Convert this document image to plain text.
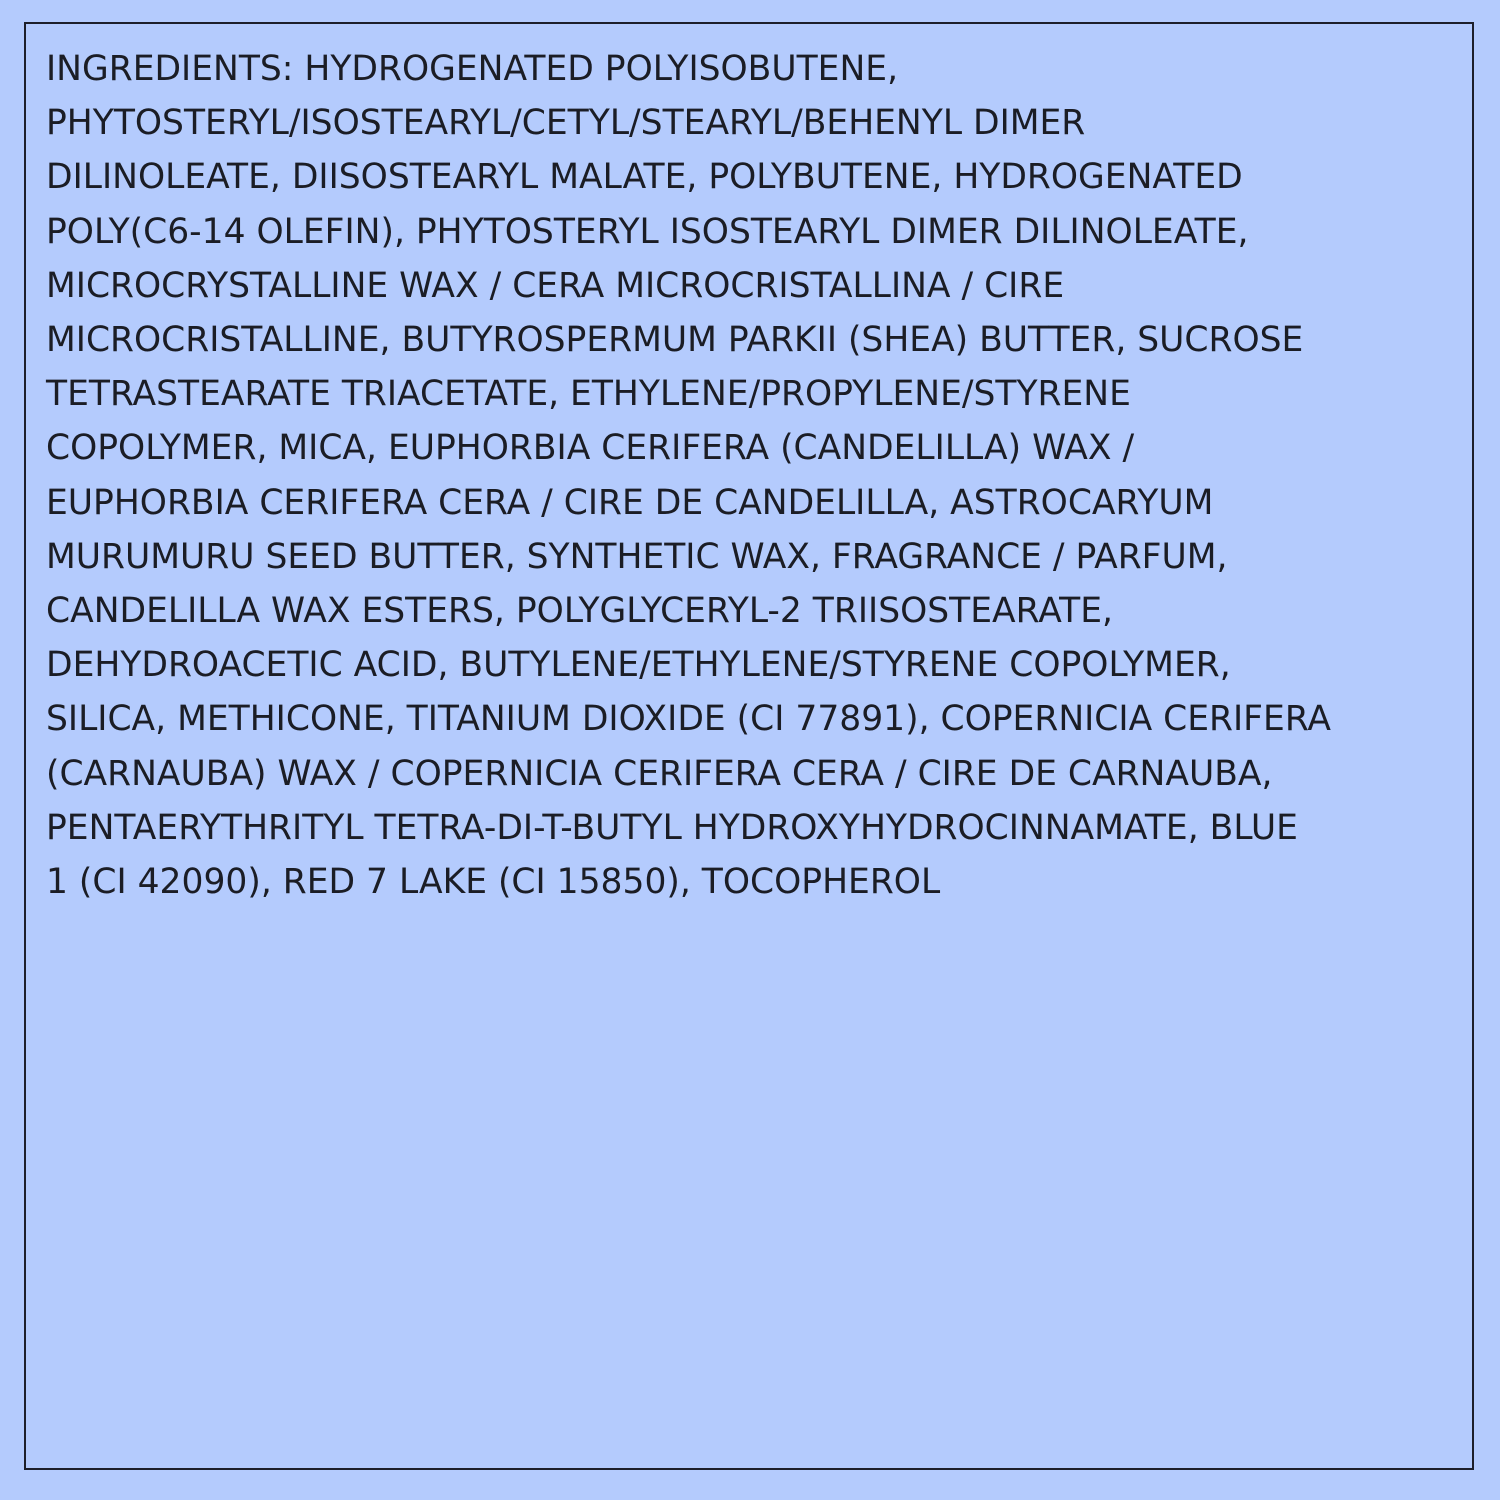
INGREDIENTS: HYDROGENATED POLYISOBUTENE,
PHYTOSTERYL/ISOSTEARYL/CETYL/STEARYL/BEHENYL DIMER
DILINOLEATE, DIISOSTEARYL MALATE, POLYBUTENE, HYDROGENATED
POLY(C6-14 OLEFIN), PHYTOSTERYL ISOSTEARYL DIMER DILINOLEATE,
MICROCRYSTALLINE WAX / CERA MICROCRISTALLINA / CIRE
MICROCRISTALLINE, BUTYROSPERMUM PARKII (SHEA) BUTTER, SUCROSE
TETRASTEARATE TRIACETATE, ETHYLENE/PROPYLENE/STYRENE
COPOLYMER, MICA, EUPHORBIA CERIFERA (CANDELILLA) WAX /
EUPHORBIA CERIFERA CERA / CIRE DE CANDELILLA, ASTROCARYUM
MURUMURU SEED BUTTER, SYNTHETIC WAX, FRAGRANCE / PARFUM,
CANDELILLA WAX ESTERS, POLYGLYCERYL-2 TRIISOSTEARATE,
DEHYDROACETIC ACID, BUTYLENE/ETHYLENE/STYRENE COPOLYMER,
SILICA, METHICONE, TITANIUM DIOXIDE (CI 77891), COPERNICIA CERIFERA
(CARNAUBA) WAX / COPERNICIA CERIFERA CERA / CIRE DE CARNAUBA,
PENTAERYTHRITYL TETRA-DI-T-BUTYL HYDROXYHYDROCINNAMATE, BLUE
1 (CI 42090), RED 7 LAKE (CI 15850), TOCOPHEROL
